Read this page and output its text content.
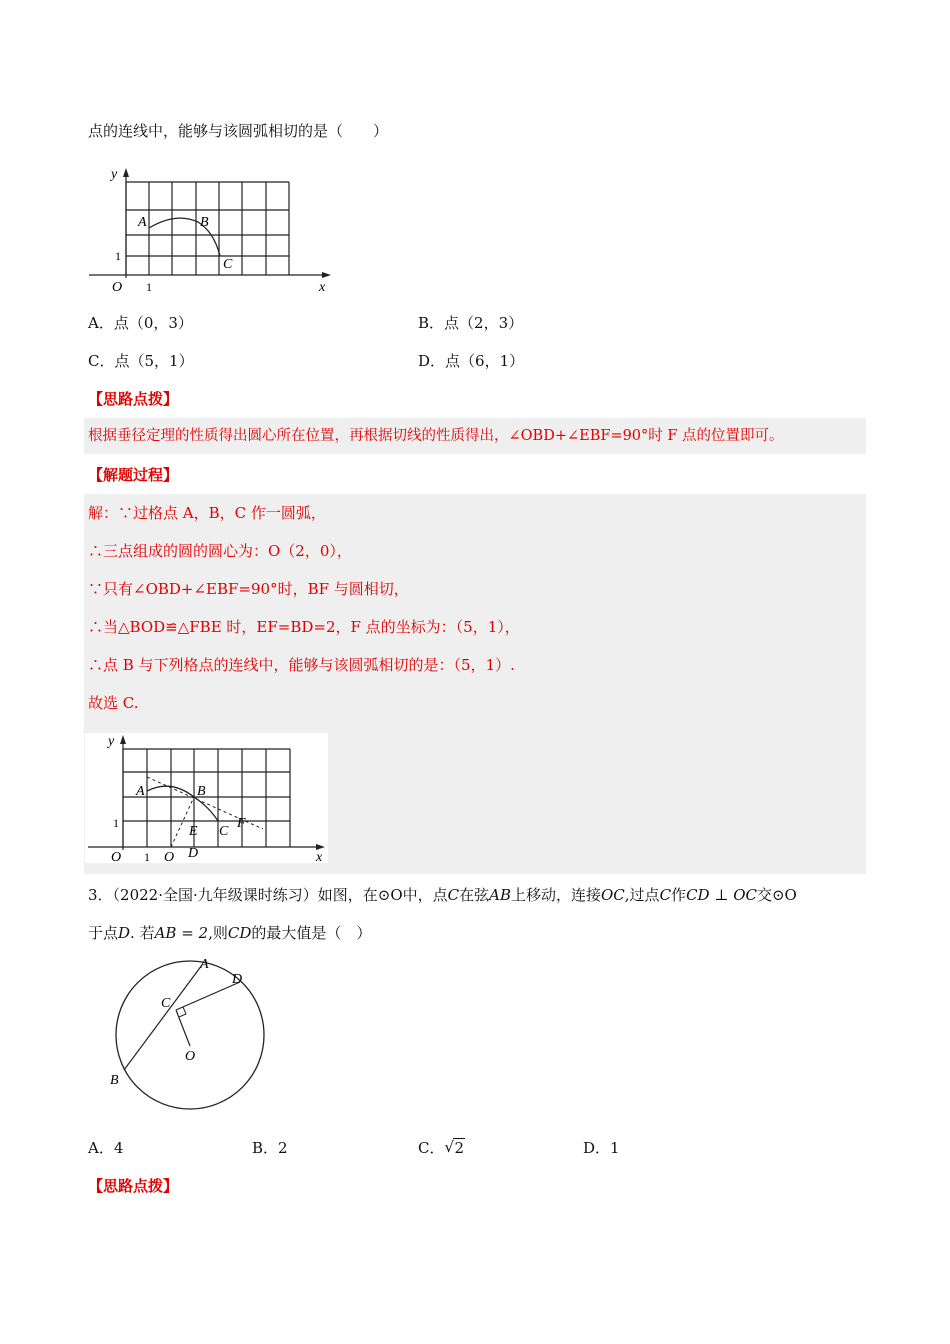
点的连线中，能够与该圆弧相切的是（　　）
y
x
O 1
1
A	B
C
A．点（0，3）	B．点（2，3）
C．点（5，1）	D．点（6，1）
【思路点拨】
根据垂径定理的性质得出圆心所在位置，再根据切线的性质得出，∠OBD+∠EBF=90°时 F 点的位置即可。
【解题过程】
解：∵过格点 A，B，C 作一圆弧，
∴三点组成的圆的圆心为：O（2，0），
∵只有∠OBD+∠EBF=90°时，BF 与圆相切，
∴当△BOD≌△FBE 时，EF=BD=2，F 点的坐标为：（5，1），
∴点 B 与下列格点的连线中，能够与该圆弧相切的是：（5，1）.
故选 C.
y
x
O 1
1
A	B
C
E
F
O D
3．（2022·全国·九年级课时练习）如图，在⊙O中，点C在弦AB上移动，连接OC,过点C作CD ⊥ OC交⊙O
于点D. 若AB = 2,则CD的最大值是（　）
A
D
C
O
B
A．4	B．2	C．√ 2	D．1
【思路点拨】
